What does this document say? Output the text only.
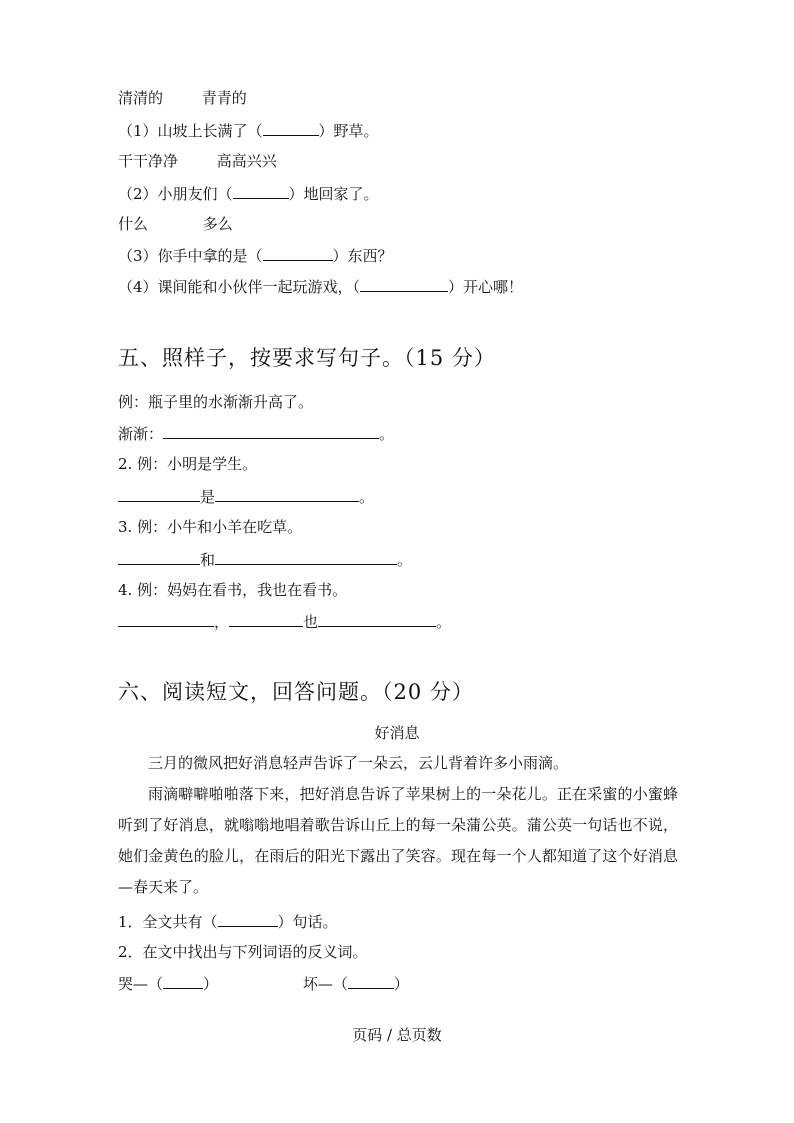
清清的	青青的
（1）山坡上长满了（	）野草。
干干净净	高高兴兴
（2）小朋友们（	）地回家了。
什么	多么
（3）你手中拿的是（	）东西？
（4）课间能和小伙伴一起玩游戏，（	）开心哪！
五、照样子，按要求写句子。（15 分）
例：瓶子里的水渐渐升高了。
渐渐：	。
2. 例：小明是学生。
是	。
3. 例：小牛和小羊在吃草。
和	。
4. 例：妈妈在看书，我也在看书。
，	也	。
六、阅读短文，回答问题。（20 分）
好消息
三月的微风把好消息轻声告诉了一朵云，云儿背着许多小雨滴。
雨滴噼噼啪啪落下来，把好消息告诉了苹果树上的一朵花儿。正在采蜜的小蜜蜂听到了好消息，就嗡嗡地唱着歌告诉山丘上的每一朵蒲公英。蒲公英一句话也不说，她们金黄色的脸儿，在雨后的阳光下露出了笑容。现在每一个人都知道了这个好消息—春天来了。
1．全文共有（	）句话。
2．在文中找出与下列词语的反义词。
哭—（	）	坏—（	）
页码 / 总页数
